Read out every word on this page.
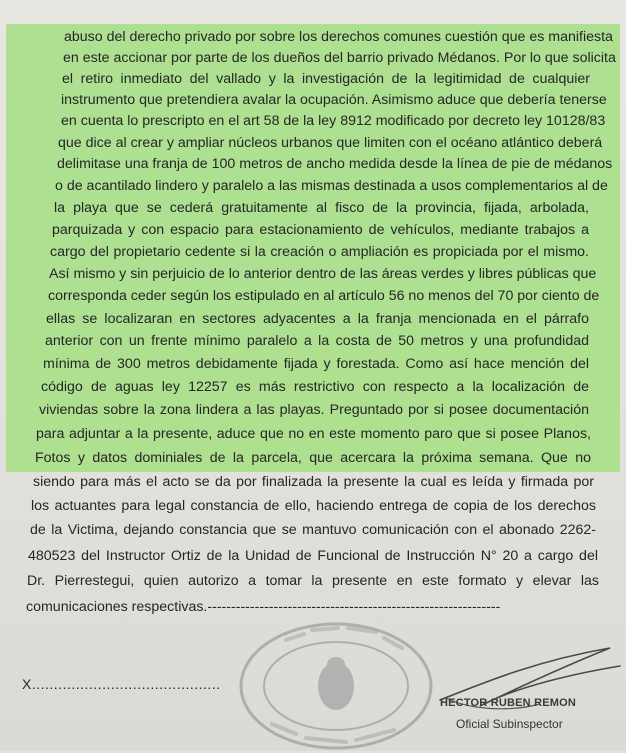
abuso del derecho privado por sobre los derechos comunes cuestión que es manifiesta
en este accionar por parte de los dueños del barrio privado Médanos. Por lo que solicita
el retiro inmediato del vallado y la investigación de la legitimidad de cualquier
instrumento que pretendiera avalar la ocupación. Asimismo aduce que debería tenerse
en cuenta lo prescripto en el art 58 de la ley 8912 modificado por decreto ley 10128/83
que dice al crear y ampliar núcleos urbanos que limiten con el océano atlántico deberá
delimitase una franja de 100 metros de ancho medida desde la línea de pie de médanos
o de acantilado lindero y paralelo a las mismas destinada a usos complementarios al de
la playa que se cederá gratuitamente al fisco de la provincia, fijada, arbolada,
parquizada y con espacio para estacionamiento de vehículos, mediante trabajos a
cargo del propietario cedente si la creación o ampliación es propiciada por el mismo.
Así mismo y sin perjuicio de lo anterior dentro de las áreas verdes y libres públicas que
corresponda ceder según los estipulado en al artículo 56 no menos del 70 por ciento de
ellas se localizaran en sectores adyacentes a la franja mencionada en el párrafo
anterior con un frente mínimo paralelo a la costa de 50 metros y una profundidad
mínima de 300 metros debidamente fijada y forestada. Como así hace mención del
código de aguas ley 12257 es más restrictivo con respecto a la localización de
viviendas sobre la zona lindera a las playas. Preguntado por si posee documentación
para adjuntar a la presente, aduce que no en este momento paro que si posee Planos,
Fotos y datos dominiales de la parcela, que acercara la próxima semana. Que no
siendo para más el acto se da por finalizada la presente la cual es leída y firmada por
los actuantes para legal constancia de ello, haciendo entrega de copia de los derechos
de la Victima, dejando constancia que se mantuvo comunicación con el abonado 2262-
480523 del Instructor Ortiz de la Unidad de Funcional de Instrucción N° 20 a cargo del
Dr. Pierrestegui, quien autorizo a tomar la presente en este formato y elevar las
comunicaciones respectivas.--------------------------------------------------------------
X...........................................
HECTOR RUBEN REMON
Oficial Subinspector
